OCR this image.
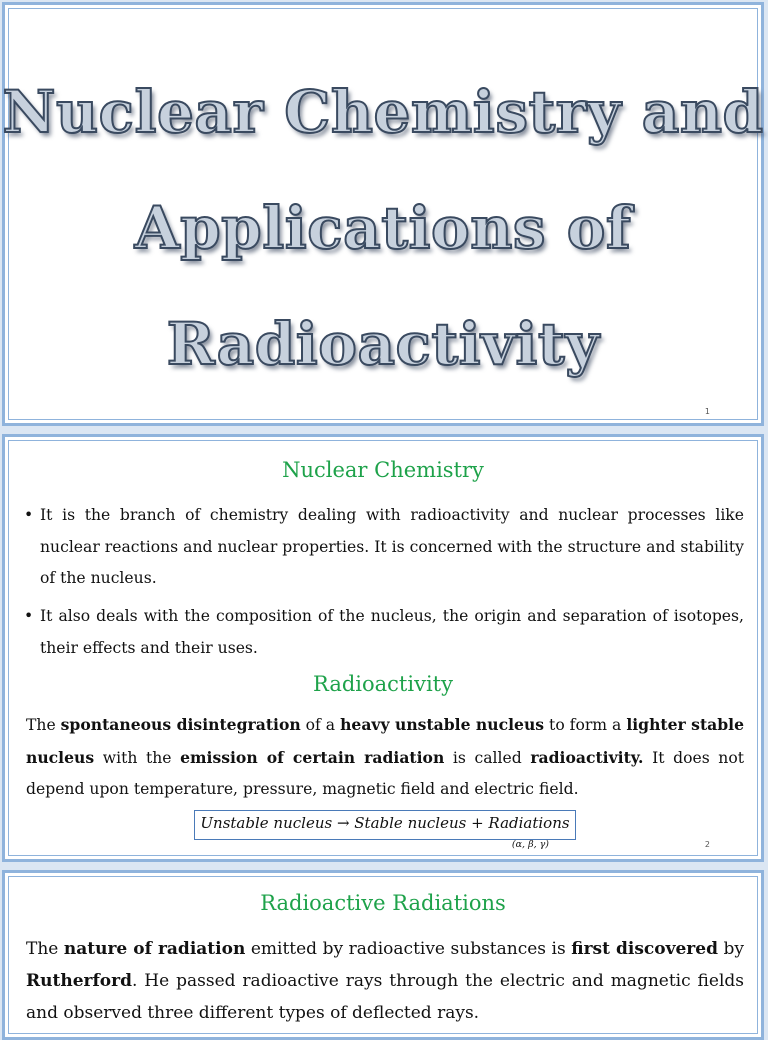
Nuclear Chemistry and
Applications of
Radioactivity
1
Nuclear Chemistry
• It is the branch of chemistry dealing with radioactivity and nuclear processes like nuclear reactions and nuclear properties. It is concerned with the structure and stability of the nucleus.
• It also deals with the composition of the nucleus, the origin and separation of isotopes, their effects and their uses.
Radioactivity
The spontaneous disintegration of a heavy unstable nucleus to form a lighter stable nucleus with the emission of certain radiation is called radioactivity. It does not depend upon temperature, pressure, magnetic field and electric field.
Unstable nucleus → Stable nucleus + Radiations
(α, β, γ)	2
Radioactive Radiations
The nature of radiation emitted by radioactive substances is first discovered by Rutherford. He passed radioactive rays through the electric and magnetic fields and observed three different types of deflected rays.
